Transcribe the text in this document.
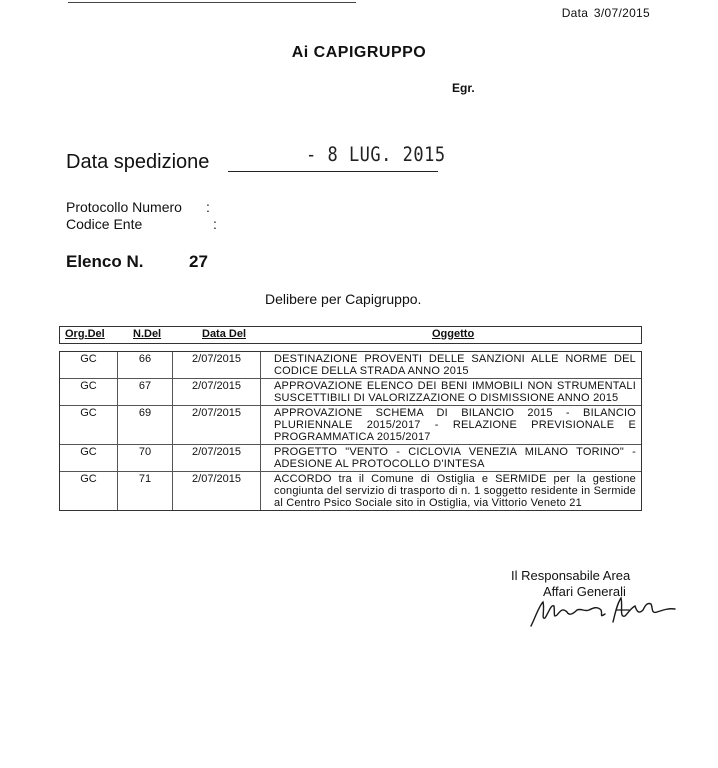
Data 3/07/2015
Ai CAPIGRUPPO
Egr.
Data spedizione	- 8 LUG. 2015
Protocollo Numero :
Codice Ente	:
Elenco N.	27
Delibere per Capigruppo.
Org.Del	N.Del	Data Del	Oggetto
GC	66	2/07/2015	DESTINAZIONE PROVENTI DELLE SANZIONI ALLE NORME DEL CODICE DELLA STRADA ANNO 2015
GC	67	2/07/2015	APPROVAZIONE ELENCO DEI BENI IMMOBILI NON STRUMENTALI SUSCETTIBILI DI VALORIZZAZIONE O DISMISSIONE ANNO 2015
GC	69	2/07/2015	APPROVAZIONE SCHEMA DI BILANCIO 2015 - BILANCIO PLURIENNALE 2015/2017 - RELAZIONE PREVISIONALE E PROGRAMMATICA 2015/2017
GC	70	2/07/2015	PROGETTO "VENTO - CICLOVIA VENEZIA MILANO TORINO" - ADESIONE AL PROTOCOLLO D'INTESA
GC	71	2/07/2015	ACCORDO tra il Comune di Ostiglia e SERMIDE per la gestione congiunta del servizio di trasporto di n. 1 soggetto residente in Sermide al Centro Psico Sociale sito in Ostiglia, via Vittorio Veneto 21
Il Responsabile Area
Affari Generali
